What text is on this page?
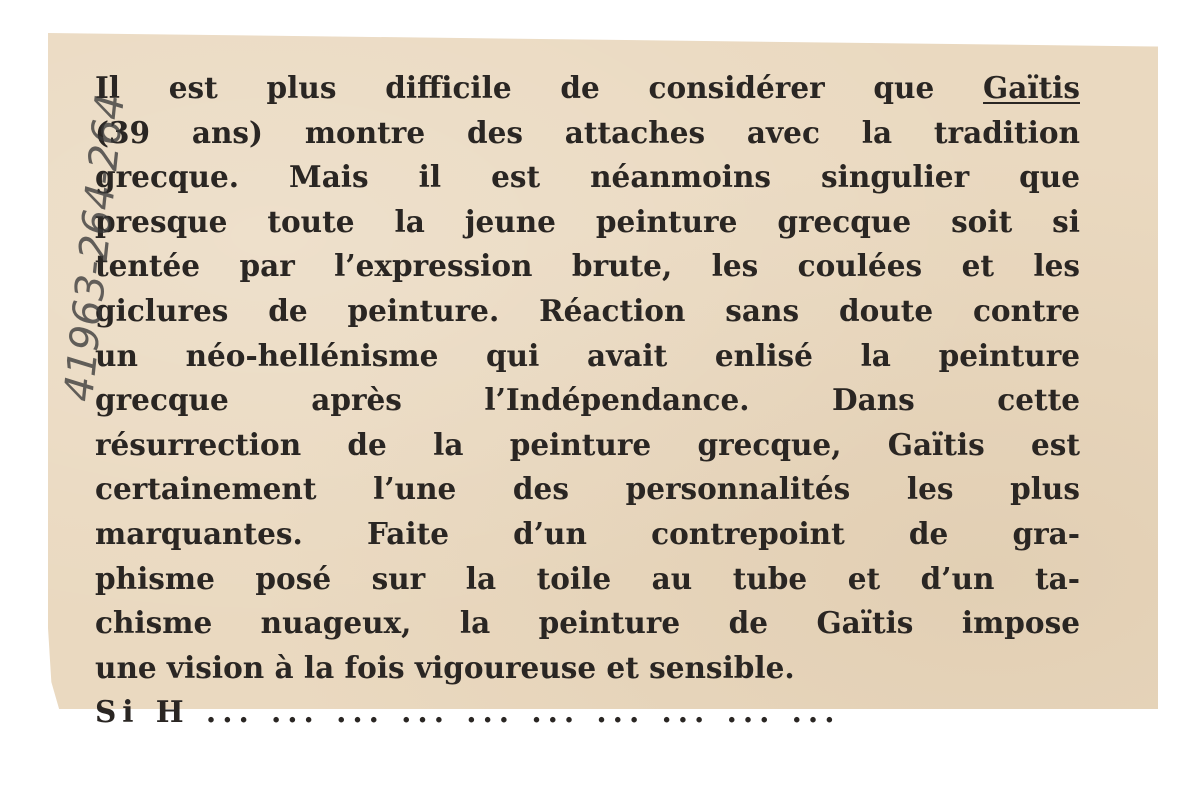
Il est plus difficile de considérer que Gaïtis
(39 ans) montre des attaches avec la tradition
grecque. Mais il est néanmoins singulier que
presque toute la jeune peinture grecque soit si
tentée par l’expression brute, les coulées et les
giclures de peinture. Réaction sans doute contre
un néo-hellénisme qui avait enlisé la peinture
grecque après l’Indépendance. Dans cette
résurrection de la peinture grecque, Gaïtis est
certainement l’une des personnalités les plus
marquantes. Faite d’un contrepoint de gra-
phisme posé sur la toile au tube et d’un ta-
chisme nuageux, la peinture de Gaïtis impose
une vision à la fois vigoureuse et sensible.
Si H ... ... ... ... ... ... ... ... ... ...
41963-264-264
